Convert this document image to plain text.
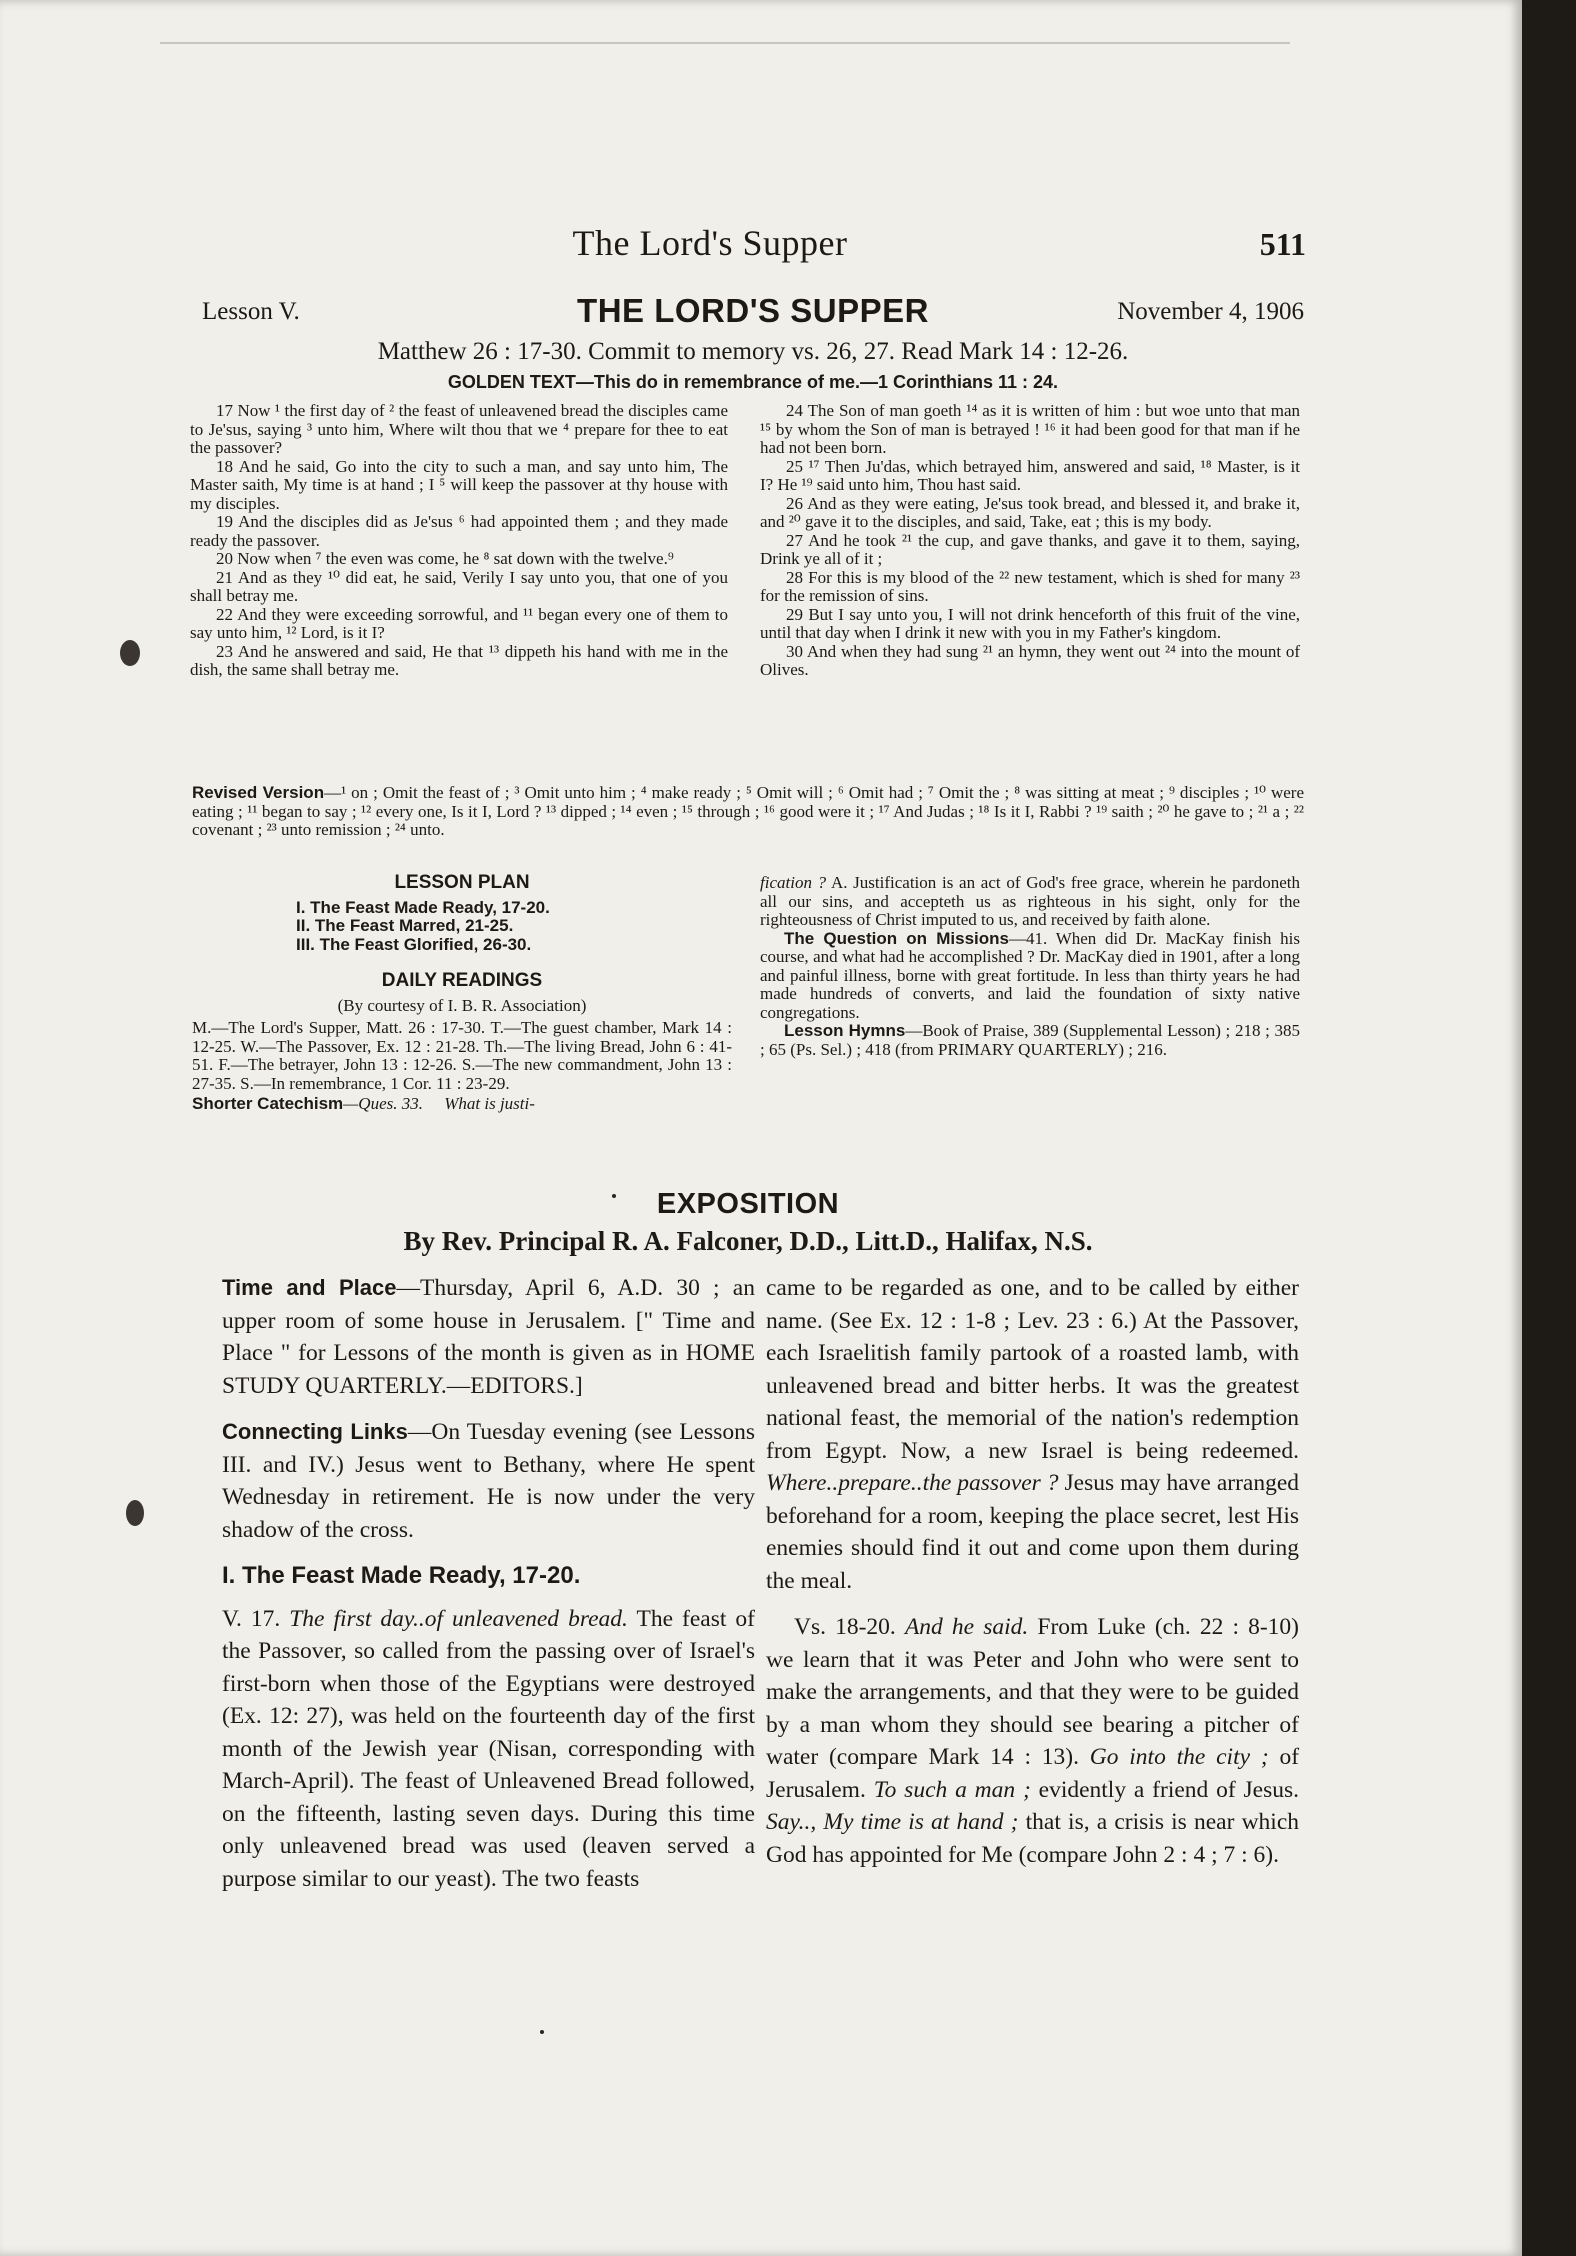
The Lord's Supper	511
Lesson V.	THE LORD'S SUPPER	November 4, 1906
Matthew 26 : 17-30. Commit to memory vs. 26, 27. Read Mark 14 : 12-26.
GOLDEN TEXT—This do in remembrance of me.—1 Corinthians 11 : 24.

17 Now ¹ the first day of ² the feast of unleavened bread the disciples came to Je'sus, saying ³ unto him, Where wilt thou that we ⁴ prepare for thee to eat the passover?

18 And he said, Go into the city to such a man, and say unto him, The Master saith, My time is at hand ; I ⁵ will keep the passover at thy house with my disciples.

19 And the disciples did as Je'sus ⁶ had appointed them ; and they made ready the passover.

20 Now when ⁷ the even was come, he ⁸ sat down with the twelve.⁹

21 And as they ¹⁰ did eat, he said, Verily I say unto you, that one of you shall betray me.

22 And they were exceeding sorrowful, and ¹¹ began every one of them to say unto him, ¹² Lord, is it I?

23 And he answered and said, He that ¹³ dippeth his hand with me in the dish, the same shall betray me.

24 The Son of man goeth ¹⁴ as it is written of him : but woe unto that man ¹⁵ by whom the Son of man is betrayed ! ¹⁶ it had been good for that man if he had not been born.

25 ¹⁷ Then Ju'das, which betrayed him, answered and said, ¹⁸ Master, is it I? He ¹⁹ said unto him, Thou hast said.

26 And as they were eating, Je'sus took bread, and blessed it, and brake it, and ²⁰ gave it to the disciples, and said, Take, eat ; this is my body.

27 And he took ²¹ the cup, and gave thanks, and gave it to them, saying, Drink ye all of it ;

28 For this is my blood of the ²² new testament, which is shed for many ²³ for the remission of sins.

29 But I say unto you, I will not drink henceforth of this fruit of the vine, until that day when I drink it new with you in my Father's kingdom.

30 And when they had sung ²¹ an hymn, they went out ²⁴ into the mount of Olives.

Revised Version—¹ on ; Omit the feast of ; ³ Omit unto him ; ⁴ make ready ; ⁵ Omit will ; ⁶ Omit had ; ⁷ Omit the ; ⁸ was sitting at meat ; ⁹ disciples ; ¹⁰ were eating ; ¹¹ began to say ; ¹² every one, Is it I, Lord ? ¹³ dipped ; ¹⁴ even ; ¹⁵ through ; ¹⁶ good were it ; ¹⁷ And Judas ; ¹⁸ Is it I, Rabbi ? ¹⁹ saith ; ²⁰ he gave to ; ²¹ a ; ²² covenant ; ²³ unto remission ; ²⁴ unto.
LESSON PLAN
I. The Feast Made Ready, 17-20.
II. The Feast Marred, 21-25.
III. The Feast Glorified, 26-30.
DAILY READINGS
(By courtesy of I. B. R. Association)
M.—The Lord's Supper, Matt. 26 : 17-30. T.—The guest chamber, Mark 14 : 12-25. W.—The Passover, Ex. 12 : 21-28. Th.—The living Bread, John 6 : 41-51. F.—The betrayer, John 13 : 12-26. S.—The new commandment, John 13 : 27-35. S.—In remembrance, 1 Cor. 11 : 23-29.
Shorter Catechism—Ques. 33. What is justi-

fication ? A. Justification is an act of God's free grace, wherein he pardoneth all our sins, and accepteth us as righteous in his sight, only for the righteousness of Christ imputed to us, and received by faith alone.

The Question on Missions—41. When did Dr. MacKay finish his course, and what had he accomplished ? Dr. MacKay died in 1901, after a long and painful illness, borne with great fortitude. In less than thirty years he had made hundreds of converts, and laid the foundation of sixty native congregations.

Lesson Hymns—Book of Praise, 389 (Supplemental Lesson) ; 218 ; 385 ; 65 (Ps. Sel.) ; 418 (from PRIMARY QUARTERLY) ; 216.

EXPOSITION
By Rev. Principal R. A. Falconer, D.D., Litt.D., Halifax, N.S.

Time and Place—Thursday, April 6, A.D. 30 ; an upper room of some house in Jerusalem. [" Time and Place " for Lessons of the month is given as in HOME STUDY QUARTERLY.—EDITORS.]

Connecting Links—On Tuesday evening (see Lessons III. and IV.) Jesus went to Bethany, where He spent Wednesday in retirement. He is now under the very shadow of the cross.

I. The Feast Made Ready, 17-20.

V. 17. The first day..of unleavened bread. The feast of the Passover, so called from the passing over of Israel's first-born when those of the Egyptians were destroyed (Ex. 12: 27), was held on the fourteenth day of the first month of the Jewish year (Nisan, corresponding with March-April). The feast of Unleavened Bread followed, on the fifteenth, lasting seven days. During this time only unleavened bread was used (leaven served a purpose similar to our yeast). The two feasts

came to be regarded as one, and to be called by either name. (See Ex. 12 : 1-8 ; Lev. 23 : 6.) At the Passover, each Israelitish family partook of a roasted lamb, with unleavened bread and bitter herbs. It was the greatest national feast, the memorial of the nation's redemption from Egypt. Now, a new Israel is being redeemed. Where..prepare..the passover ? Jesus may have arranged beforehand for a room, keeping the place secret, lest His enemies should find it out and come upon them during the meal.

Vs. 18-20. And he said. From Luke (ch. 22 : 8-10) we learn that it was Peter and John who were sent to make the arrangements, and that they were to be guided by a man whom they should see bearing a pitcher of water (compare Mark 14 : 13). Go into the city ; of Jerusalem. To such a man ; evidently a friend of Jesus. Say.., My time is at hand ; that is, a crisis is near which God has appointed for Me (compare John 2 : 4 ; 7 : 6).
